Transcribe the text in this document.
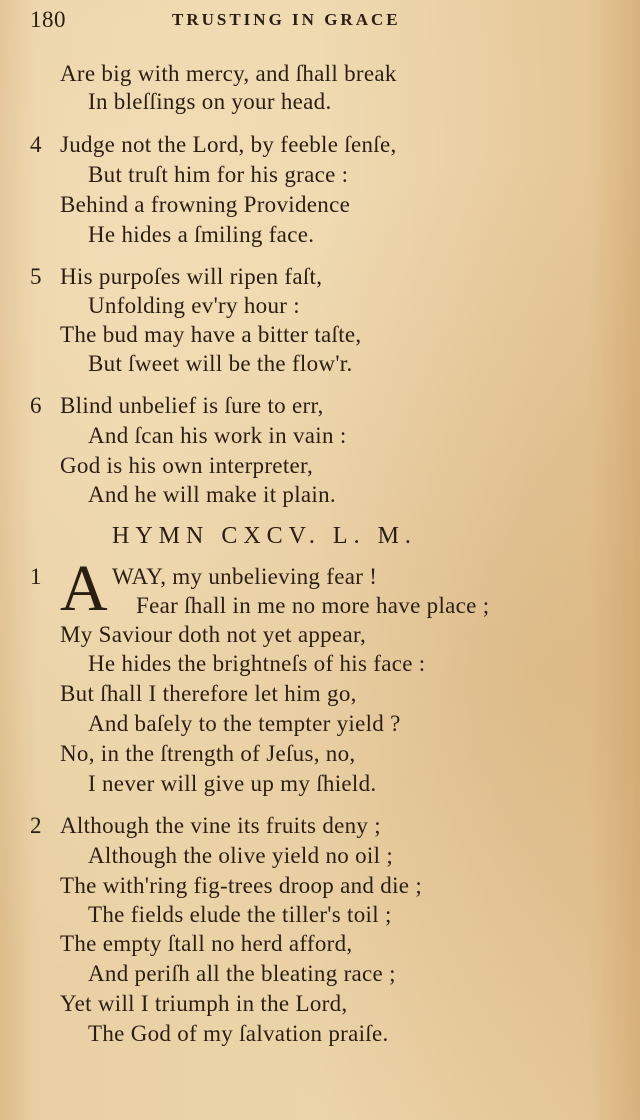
180	TRUSTING IN GRACE
Are big with mercy, and ſhall break
In bleſſings on your head.
4 Judge not the Lord, by feeble ſenſe,
But truſt him for his grace :
Behind a frowning Providence
He hides a ſmiling face.
5 His purpoſes will ripen faſt,
Unfolding ev'ry hour :
The bud may have a bitter taſte,
But ſweet will be the flow'r.
6 Blind unbelief is ſure to err,
And ſcan his work in vain :
God is his own interpreter,
And he will make it plain.
HYMN CXCV. L. M.
1 A WAY, my unbelieving fear !
Fear ſhall in me no more have place ;
My Saviour doth not yet appear,
He hides the brightneſs of his face :
But ſhall I therefore let him go,
And baſely to the tempter yield ?
No, in the ſtrength of Jeſus, no,
I never will give up my ſhield.
2 Although the vine its fruits deny ;
Although the olive yield no oil ;
The with'ring fig-trees droop and die ;
The fields elude the tiller's toil ;
The empty ſtall no herd afford,
And periſh all the bleating race ;
Yet will I triumph in the Lord,
The God of my ſalvation praiſe.
